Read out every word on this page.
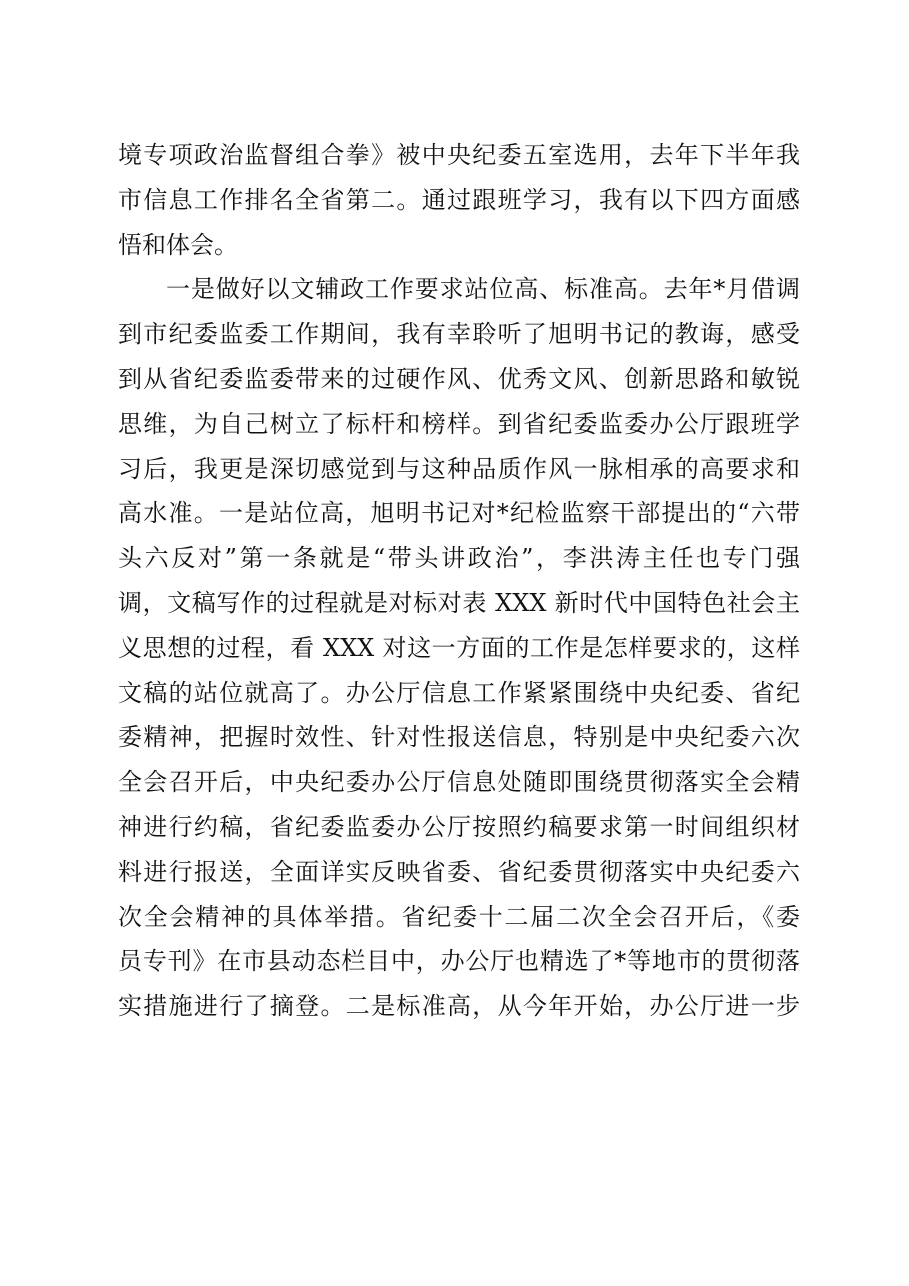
境专项政治监督组合拳》被中央纪委五室选用，去年下半年我
市信息工作排名全省第二。通过跟班学习，我有以下四方面感
悟和体会。
一是做好以文辅政工作要求站位高、标准高。去年*月借调
到市纪委监委工作期间，我有幸聆听了旭明书记的教诲，感受
到从省纪委监委带来的过硬作风、优秀文风、创新思路和敏锐
思维，为自己树立了标杆和榜样。到省纪委监委办公厅跟班学
习后，我更是深切感觉到与这种品质作风一脉相承的高要求和
高水准。一是站位高，旭明书记对*纪检监察干部提出的“六带
头六反对”第一条就是“带头讲政治”，李洪涛主任也专门强
调，文稿写作的过程就是对标对表 XXX 新时代中国特色社会主
义思想的过程，看 XXX 对这一方面的工作是怎样要求的，这样
文稿的站位就高了。办公厅信息工作紧紧围绕中央纪委、省纪
委精神，把握时效性、针对性报送信息，特别是中央纪委六次
全会召开后，中央纪委办公厅信息处随即围绕贯彻落实全会精
神进行约稿，省纪委监委办公厅按照约稿要求第一时间组织材
料进行报送，全面详实反映省委、省纪委贯彻落实中央纪委六
次全会精神的具体举措。省纪委十二届二次全会召开后，《委
员专刊》在市县动态栏目中，办公厅也精选了*等地市的贯彻落
实措施进行了摘登。二是标准高，从今年开始，办公厅进一步
